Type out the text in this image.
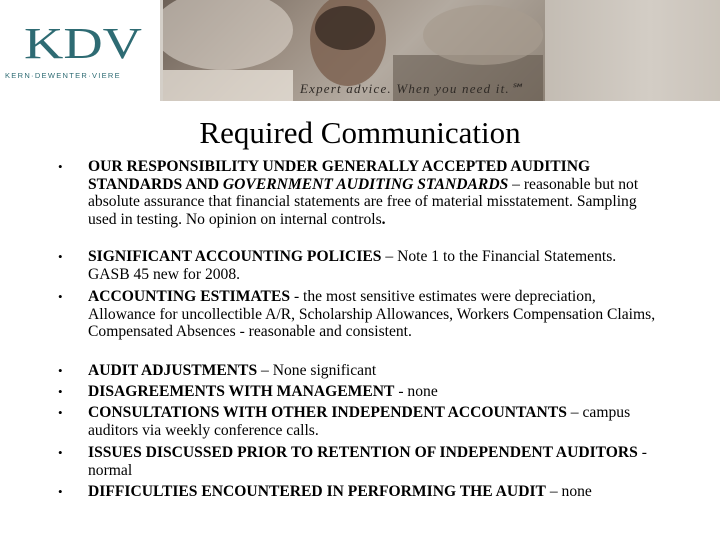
KDV
KERN·DEWENTER·VIERE
Expert advice. When you need it.℠
Required Communication
• OUR RESPONSIBILITY UNDER GENERALLY ACCEPTED AUDITING STANDARDS AND GOVERNMENT AUDITING STANDARDS – reasonable but not absolute assurance that financial statements are free of material misstatement. Sampling used in testing. No opinion on internal controls.
• SIGNIFICANT ACCOUNTING POLICIES – Note 1 to the Financial Statements. GASB 45 new for 2008.
• ACCOUNTING ESTIMATES - the most sensitive estimates were depreciation, Allowance for uncollectible A/R, Scholarship Allowances, Workers Compensation Claims, Compensated Absences - reasonable and consistent.
• AUDIT ADJUSTMENTS – None significant
• DISAGREEMENTS WITH MANAGEMENT - none
• CONSULTATIONS WITH OTHER INDEPENDENT ACCOUNTANTS – campus auditors via weekly conference calls.
• ISSUES DISCUSSED PRIOR TO RETENTION OF INDEPENDENT AUDITORS - normal
• DIFFICULTIES ENCOUNTERED IN PERFORMING THE AUDIT – none
